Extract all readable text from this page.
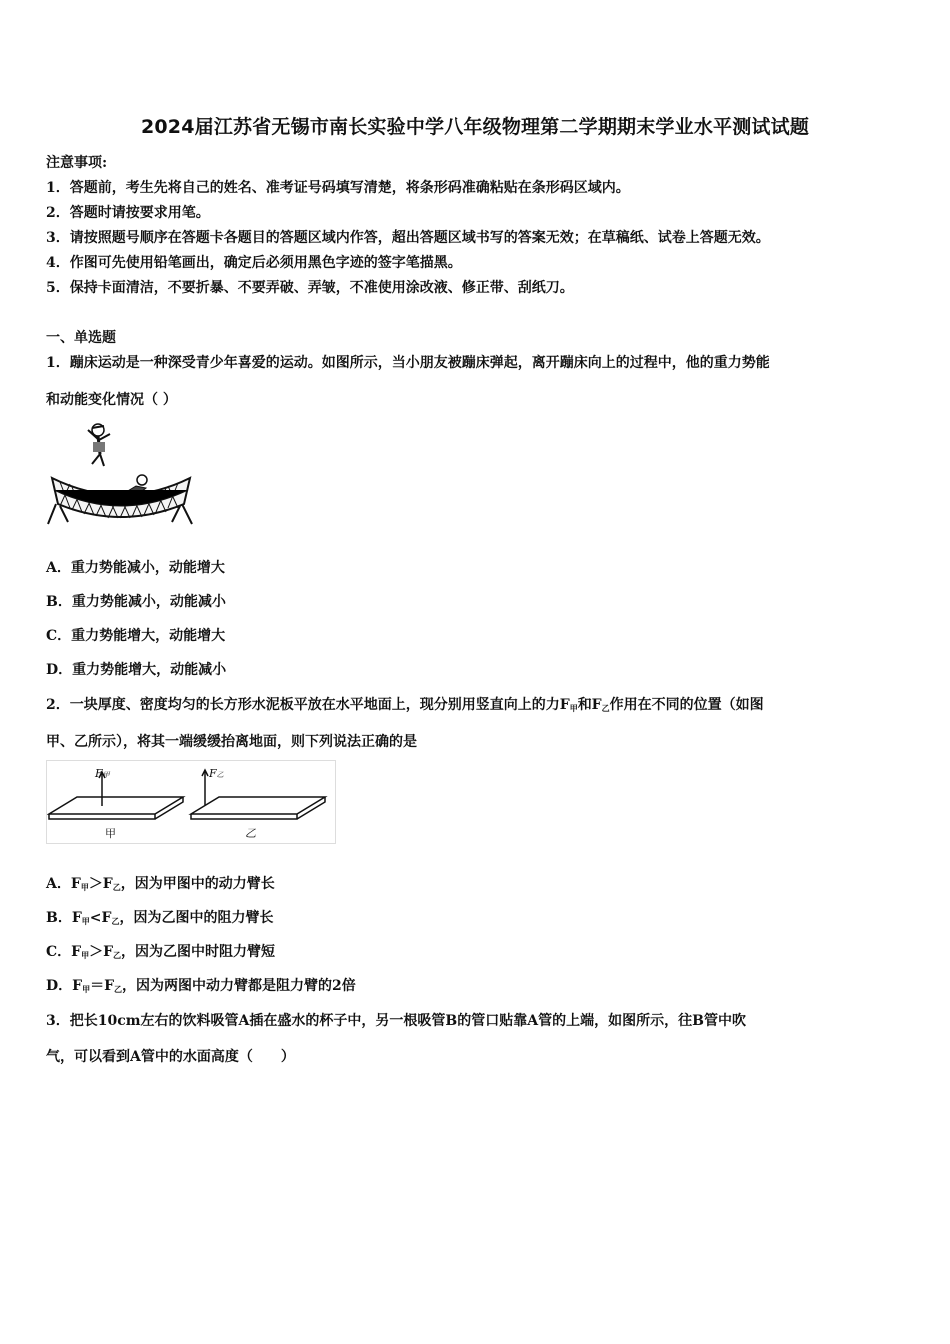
2024届江苏省无锡市南长实验中学八年级物理第二学期期末学业水平测试试题
注意事项:
1．答题前，考生先将自己的姓名、准考证号码填写清楚，将条形码准确粘贴在条形码区域内。
2．答题时请按要求用笔。
3．请按照题号顺序在答题卡各题目的答题区域内作答，超出答题区域书写的答案无效；在草稿纸、试卷上答题无效。
4．作图可先使用铅笔画出，确定后必须用黑色字迹的签字笔描黑。
5．保持卡面清洁，不要折暴、不要弄破、弄皱，不准使用涂改液、修正带、刮纸刀。
一、单选题
1．蹦床运动是一种深受青少年喜爱的运动。如图所示，当小朋友被蹦床弹起，离开蹦床向上的过程中，他的重力势能
和动能变化情况（ ）
A．重力势能减小，动能增大
B．重力势能减小，动能减小
C．重力势能增大，动能增大
D．重力势能增大，动能减小
2．一块厚度、密度均匀的长方形水泥板平放在水平地面上，现分别用竖直向上的力F甲和F乙作用在不同的位置（如图
甲、乙所示），将其一端缓缓抬离地面，则下列说法正确的是
F甲	F乙
甲	乙
A．F甲＞F乙，因为甲图中的动力臂长
B．F甲<F乙，因为乙图中的阻力臂长
C．F甲＞F乙，因为乙图中时阻力臂短
D．F甲＝F乙，因为两图中动力臂都是阻力臂的2倍
3．把长10cm左右的饮料吸管A插在盛水的杯子中，另一根吸管B的管口贴靠A管的上端，如图所示，往B管中吹
气，可以看到A管中的水面高度（　　）
